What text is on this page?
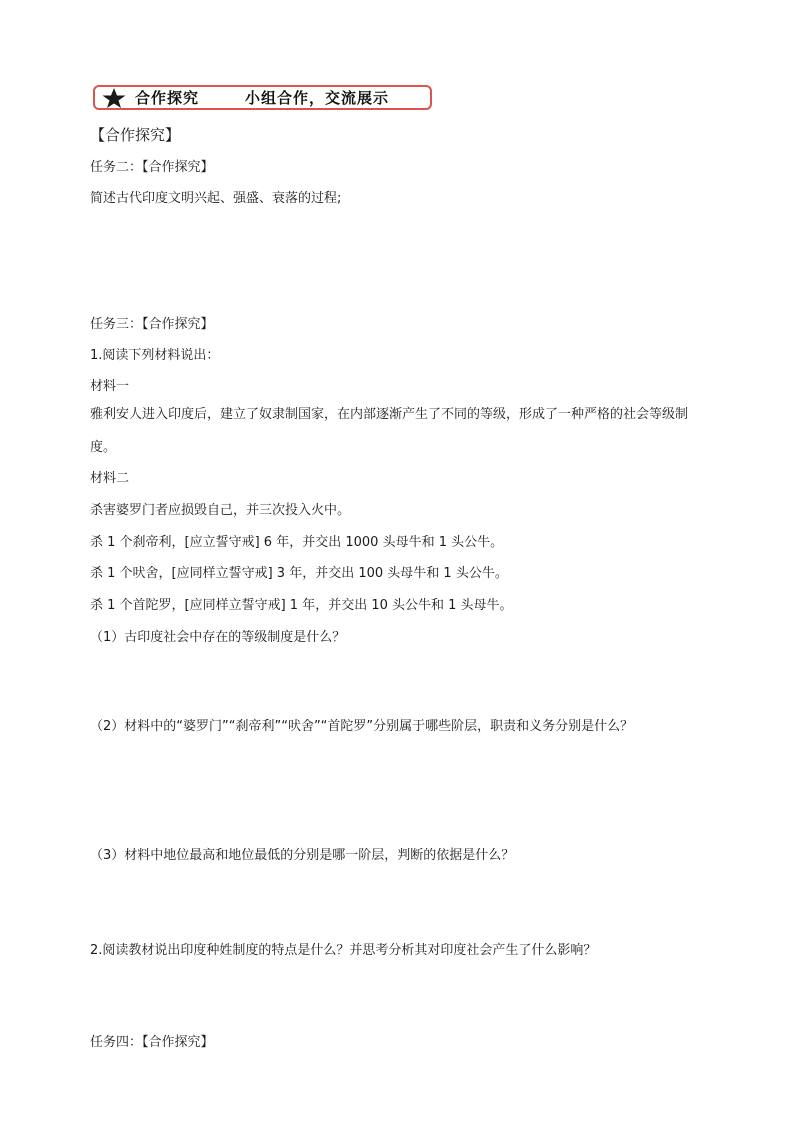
合作探究	小组合作，交流展示
【合作探究】
任务二：【合作探究】
简述古代印度文明兴起、强盛、衰落的过程;
任务三：【合作探究】
1.阅读下列材料说出：
材料一
雅利安人进入印度后，建立了奴隶制国家，在内部逐渐产生了不同的等级，形成了一种严格的社会等级制度。
材料二
杀害婆罗门者应损毁自己，并三次投入火中。
杀 1 个刹帝利，[应立誓守戒] 6 年，并交出 1000 头母牛和 1 头公牛。
杀 1 个吠舍，[应同样立誓守戒] 3 年，并交出 100 头母牛和 1 头公牛。
杀 1 个首陀罗，[应同样立誓守戒] 1 年，并交出 10 头公牛和 1 头母牛。
（1）古印度社会中存在的等级制度是什么？
（2）材料中的“婆罗门”“刹帝利”“吠舍”“首陀罗”分别属于哪些阶层，职责和义务分别是什么？
（3）材料中地位最高和地位最低的分别是哪一阶层，判断的依据是什么？
2.阅读教材说出印度种姓制度的特点是什么？并思考分析其对印度社会产生了什么影响？
任务四：【合作探究】
